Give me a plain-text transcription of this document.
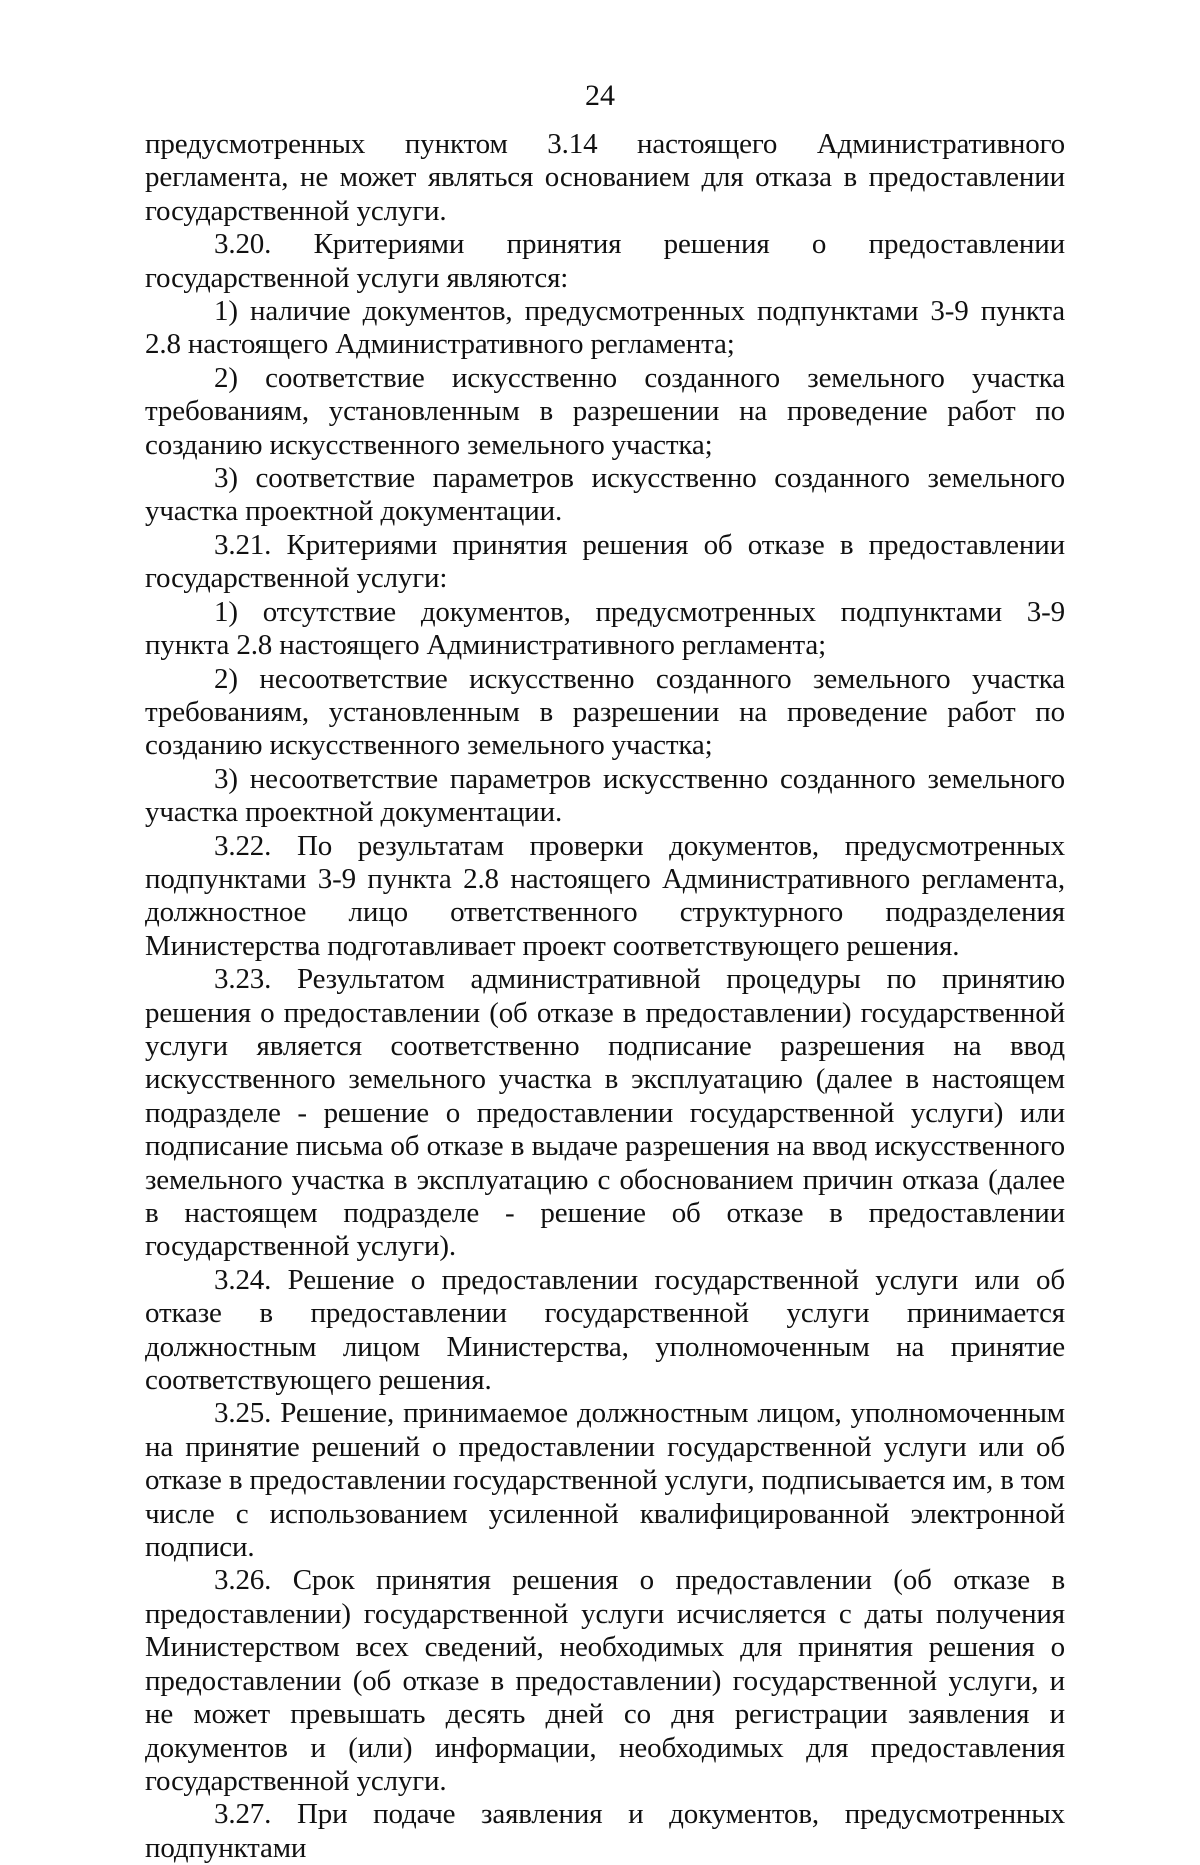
24

предусмотренных пунктом 3.14 настоящего Административного регламента, не может являться основанием для отказа в предоставлении государственной услуги.

3.20. Критериями принятия решения о предоставлении государственной услуги являются:

1) наличие документов, предусмотренных подпунктами 3-9 пункта 2.8 настоящего Административного регламента;

2) соответствие искусственно созданного земельного участка требованиям, установленным в разрешении на проведение работ по созданию искусственного земельного участка;

3) соответствие параметров искусственно созданного земельного участка проектной документации.

3.21. Критериями принятия решения об отказе в предоставлении государственной услуги:

1) отсутствие документов, предусмотренных подпунктами 3-9 пункта 2.8 настоящего Административного регламента;

2) несоответствие искусственно созданного земельного участка требованиям, установленным в разрешении на проведение работ по созданию искусственного земельного участка;

3) несоответствие параметров искусственно созданного земельного участка проектной документации.

3.22. По результатам проверки документов, предусмотренных подпунктами 3-9 пункта 2.8 настоящего Административного регламента, должностное лицо ответственного структурного подразделения Министерства подготавливает проект соответствующего решения.

3.23. Результатом административной процедуры по принятию решения о предоставлении (об отказе в предоставлении) государственной услуги является соответственно подписание разрешения на ввод искусственного земельного участка в эксплуатацию (далее в настоящем подразделе - решение о предоставлении государственной услуги) или подписание письма об отказе в выдаче разрешения на ввод искусственного земельного участка в эксплуатацию с обоснованием причин отказа (далее в настоящем подразделе - решение об отказе в предоставлении государственной услуги).

3.24. Решение о предоставлении государственной услуги или об отказе в предоставлении государственной услуги принимается должностным лицом Министерства, уполномоченным на принятие соответствующего решения.

3.25. Решение, принимаемое должностным лицом, уполномоченным на принятие решений о предоставлении государственной услуги или об отказе в предоставлении государственной услуги, подписывается им, в том числе с использованием усиленной квалифицированной электронной подписи.

3.26. Срок принятия решения о предоставлении (об отказе в предоставлении) государственной услуги исчисляется с даты получения Министерством всех сведений, необходимых для принятия решения о предоставлении (об отказе в предоставлении) государственной услуги, и не может превышать десять дней со дня регистрации заявления и документов и (или) информации, необходимых для предоставления государственной услуги.

3.27. При подаче заявления и документов, предусмотренных подпунктами
